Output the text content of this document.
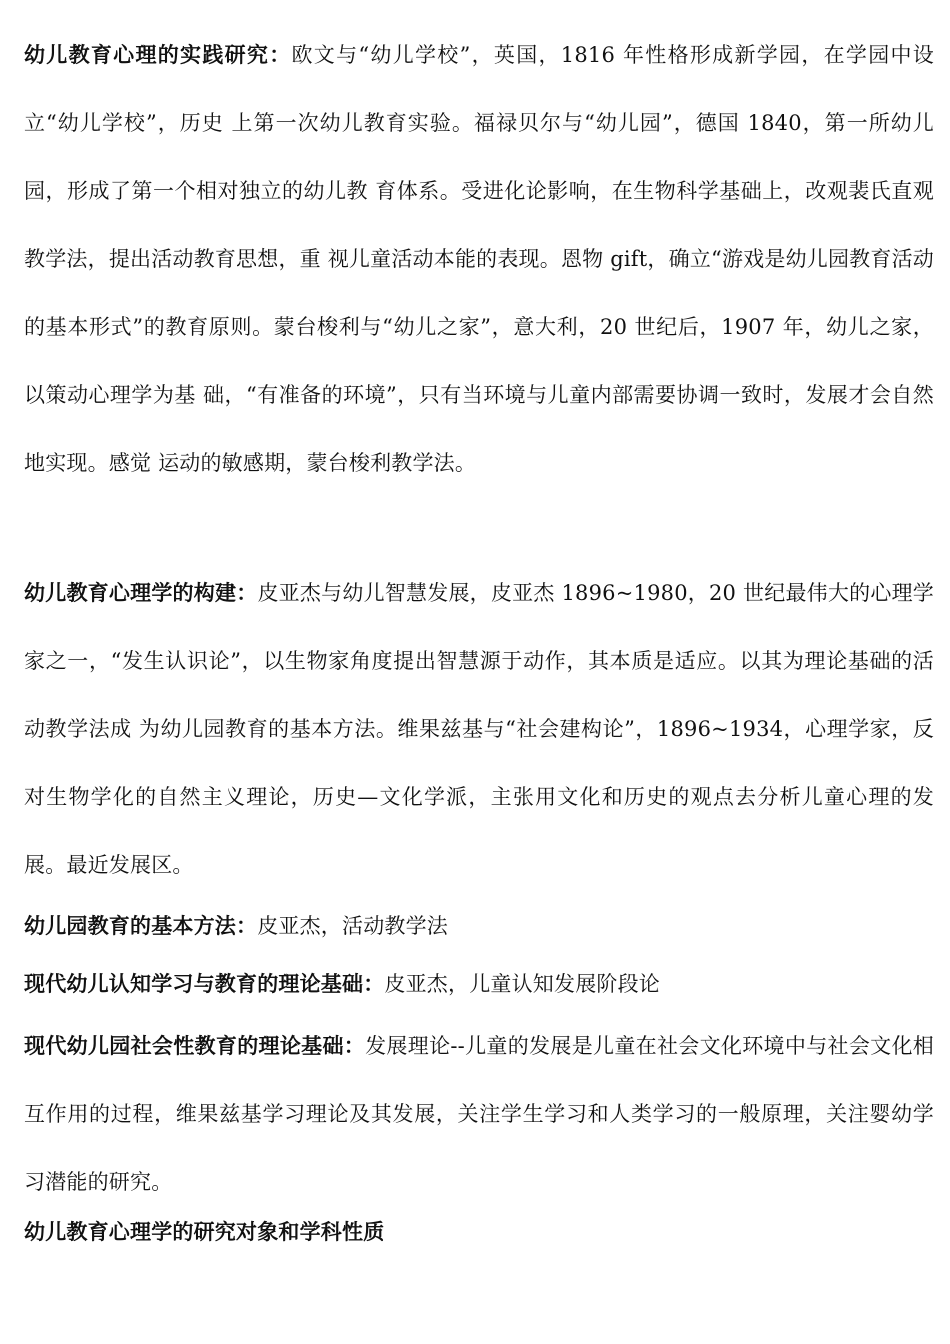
幼儿教育心理的实践研究：欧文与“幼儿学校”，英国，1816 年性格形成新学园，在学园中设立“幼儿学校”，历史 上第一次幼儿教育实验。福禄贝尔与“幼儿园”，德国 1840，第一所幼儿园，形成了第一个相对独立的幼儿教 育体系。受进化论影响，在生物科学基础上，改观裴氏直观教学法，提出活动教育思想，重 视儿童活动本能的表现。恩物 gift，确立“游戏是幼儿园教育活动的基本形式”的教育原则。蒙台梭利与“幼儿之家”，意大利，20 世纪后，1907 年，幼儿之家，以策动心理学为基 础，“有准备的环境”，只有当环境与儿童内部需要协调一致时，发展才会自然地实现。感觉 运动的敏感期，蒙台梭利教学法。

幼儿教育心理学的构建：皮亚杰与幼儿智慧发展，皮亚杰 1896~1980，20 世纪最伟大的心理学家之一，“发生认识论”，以生物家角度提出智慧源于动作，其本质是适应。以其为理论基础的活动教学法成 为幼儿园教育的基本方法。维果兹基与“社会建构论”，1896~1934，心理学家，反对生物学化的自然主义理论，历史—文化学派，主张用文化和历史的观点去分析儿童心理的发展。最近发展区。

幼儿园教育的基本方法：皮亚杰，活动教学法

现代幼儿认知学习与教育的理论基础：皮亚杰，儿童认知发展阶段论

现代幼儿园社会性教育的理论基础：发展理论--儿童的发展是儿童在社会文化环境中与社会文化相互作用的过程，维果兹基学习理论及其发展，关注学生学习和人类学习的一般原理，关注婴幼学习潜能的研究。

幼儿教育心理学的研究对象和学科性质
